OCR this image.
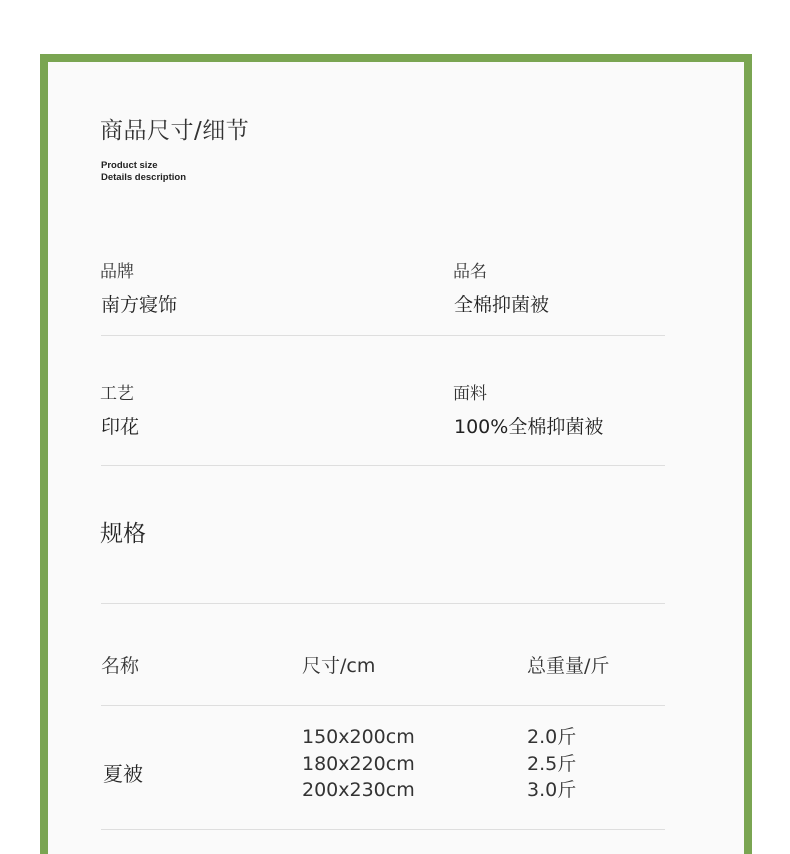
商品尺寸/细节
Product size
Details description
品牌
南方寝饰
品名
全棉抑菌被
工艺
印花
面料
100%全棉抑菌被
规格
名称	尺寸/cm	总重量/斤
夏被
150x200cm
180x220cm
200x230cm
2.0斤
2.5斤
3.0斤
